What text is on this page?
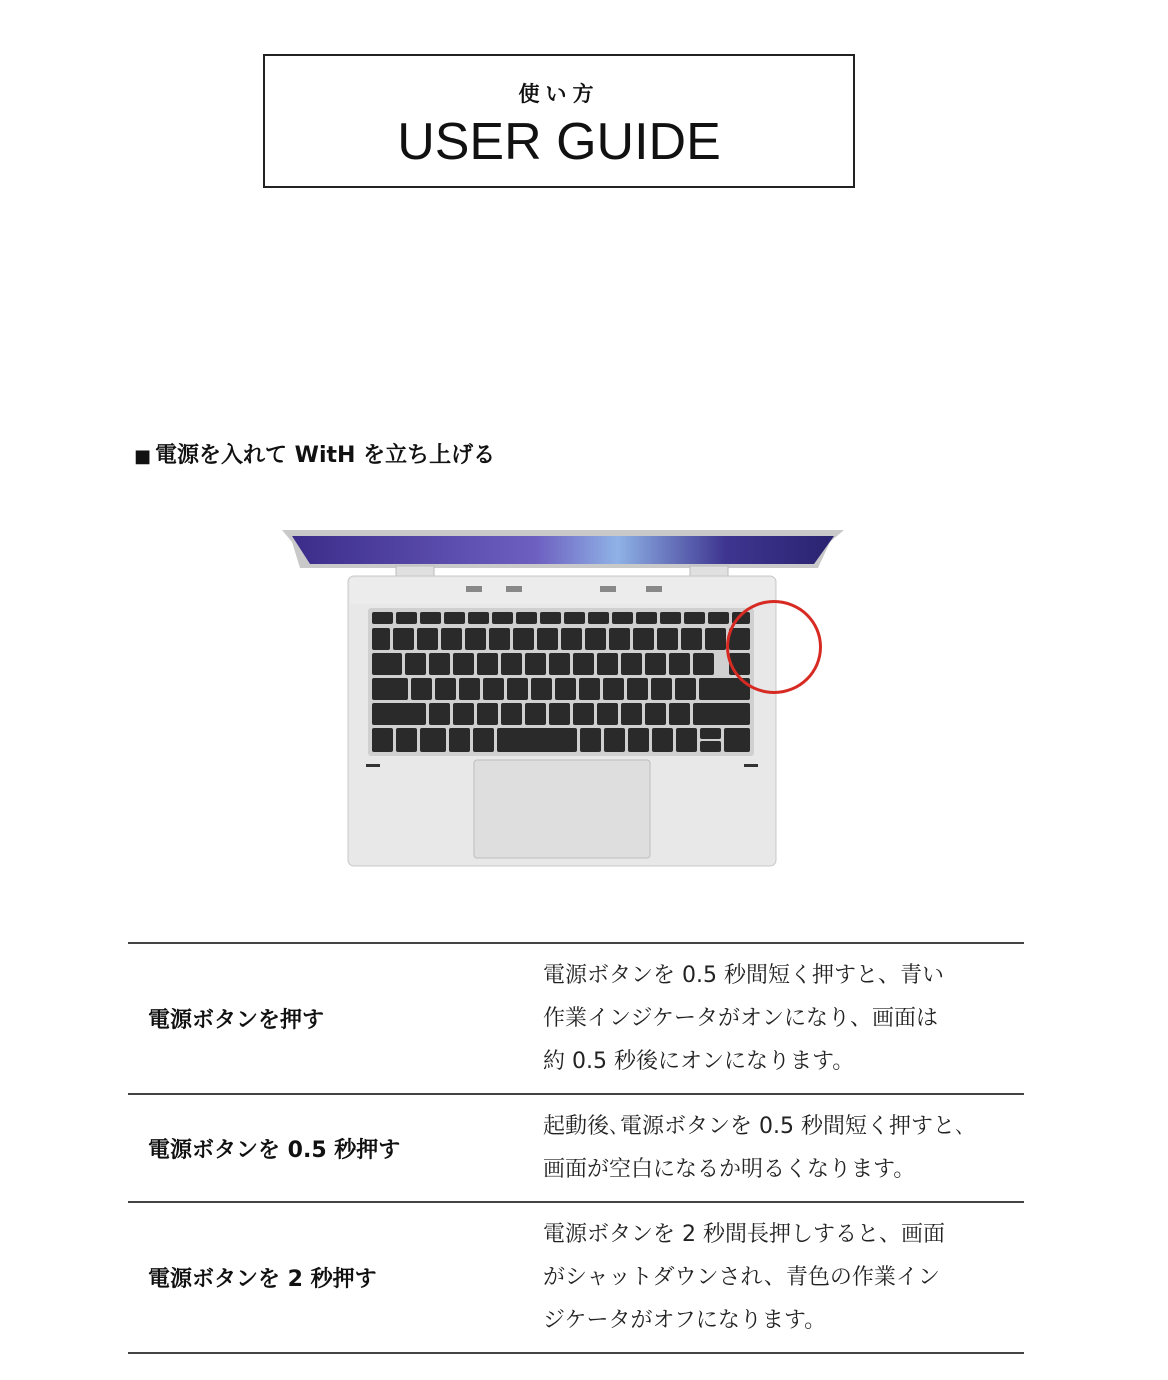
使い方
USER GUIDE
■ 電源を入れて WitH を立ち上げる
電源ボタンを押す	電源ボタンを 0.5 秒間短く押すと、青い
作業インジケータがオンになり、画面は
約 0.5 秒後にオンになります。

電源ボタンを 0.5 秒押す	起動後､電源ボタンを 0.5 秒間短く押すと､
画面が空白になるか明るくなります。

電源ボタンを 2 秒押す	電源ボタンを 2 秒間長押しすると、画面
がシャットダウンされ、青色の作業イン
ジケータがオフになります。
